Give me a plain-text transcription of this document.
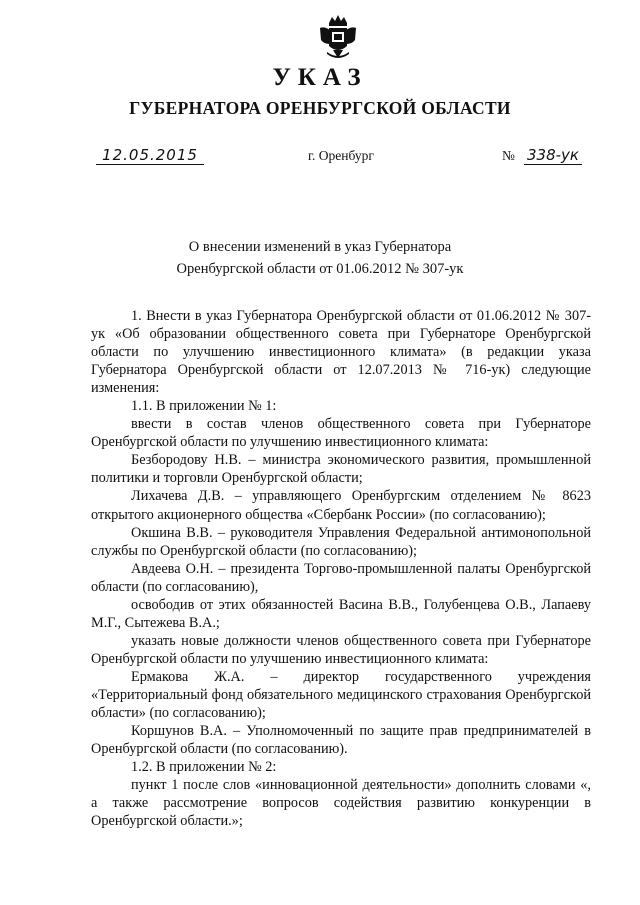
УКАЗ
ГУБЕРНАТОРА ОРЕНБУРГСКОЙ ОБЛАСТИ
12.05.2015	г. Оренбург	№ 338-ук
О внесении изменений в указ Губернатора
Оренбургской области от 01.06.2012 № 307-ук

1. Внести в указ Губернатора Оренбургской области от 01.06.2012 № 307-ук «Об образовании общественного совета при Губернаторе Оренбургской области по улучшению инвестиционного климата» (в редакции указа Губернатора Оренбургской области от 12.07.2013 № 716-ук) следующие изменения:

1.1. В приложении № 1:

ввести в состав членов общественного совета при Губернаторе Оренбургской области по улучшению инвестиционного климата:

Безбородову Н.В. – министра экономического развития, промышленной политики и торговли Оренбургской области;

Лихачева Д.В. – управляющего Оренбургским отделением № 8623 открытого акционерного общества «Сбербанк России» (по согласованию);

Окшина В.В. – руководителя Управления Федеральной антимонопольной службы по Оренбургской области (по согласованию);

Авдеева О.Н. – президента Торгово-промышленной палаты Оренбургской области (по согласованию),

освободив от этих обязанностей Васина В.В., Голубенцева О.В., Лапаеву М.Г., Сытежева В.А.;

указать новые должности членов общественного совета при Губернаторе Оренбургской области по улучшению инвестиционного климата:

Ермакова Ж.А. – директор государственного учреждения «Территориальный фонд обязательного медицинского страхования Оренбургской области» (по согласованию);

Коршунов В.А. – Уполномоченный по защите прав предпринимателей в Оренбургской области (по согласованию).

1.2. В приложении № 2:

пункт 1 после слов «инновационной деятельности» дополнить словами «, а также рассмотрение вопросов содействия развитию конкуренции в Оренбургской области.»;
